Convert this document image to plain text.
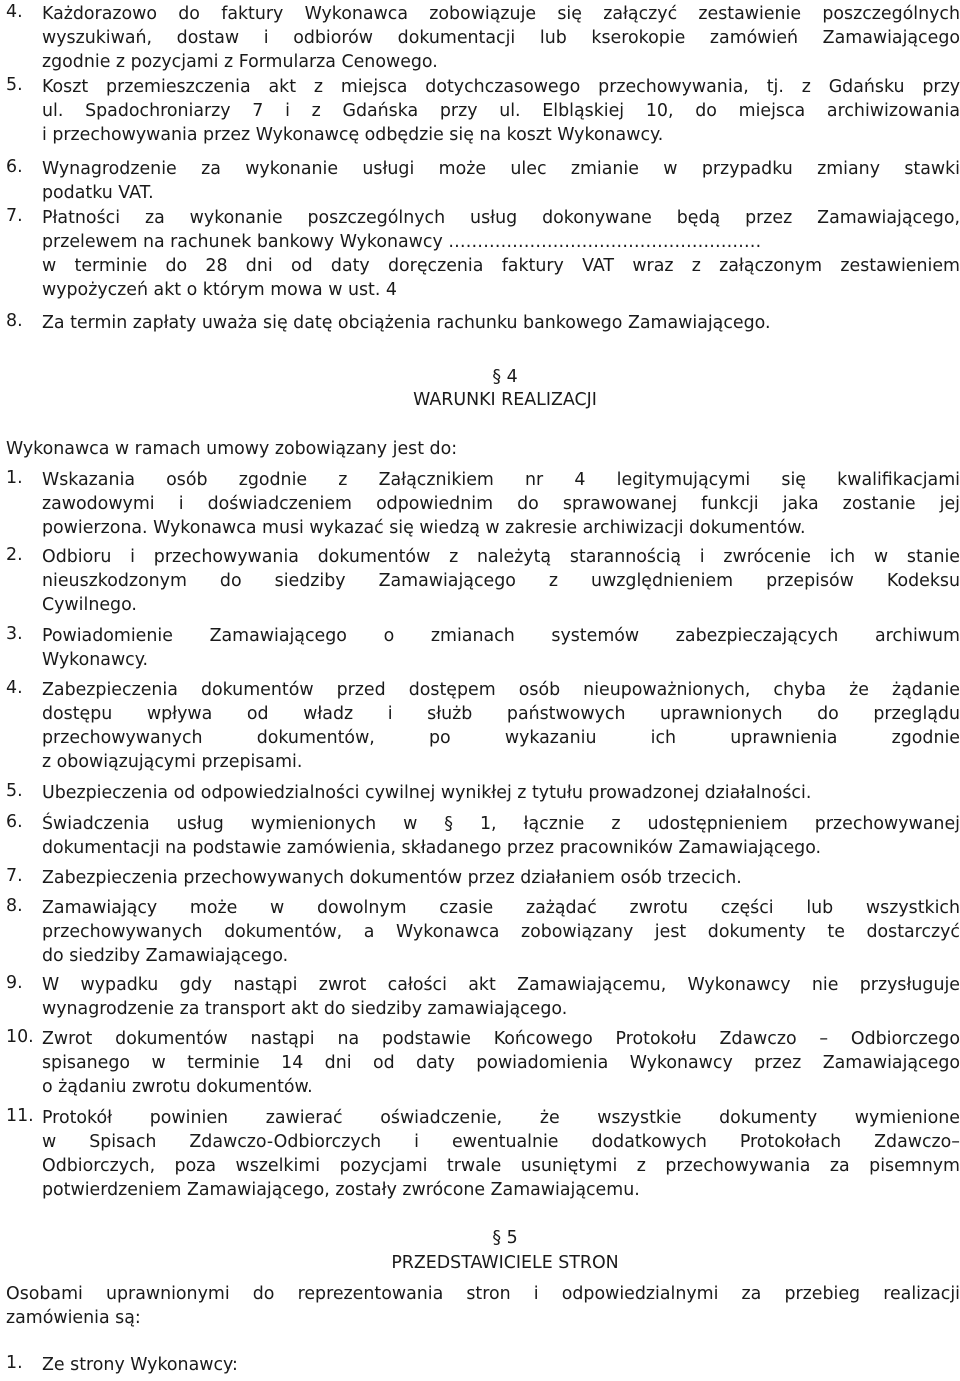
4. Każdorazowo do faktury Wykonawca zobowiązuje się załączyć zestawienie poszczególnych
wyszukiwań, dostaw i odbiorów dokumentacji lub kserokopie zamówień Zamawiającego
zgodnie z pozycjami z Formularza Cenowego.
5. Koszt przemieszczenia akt z miejsca dotychczasowego przechowywania, tj. z Gdańsku przy
ul. Spadochroniarzy 7 i z Gdańska przy ul. Elbląskiej 10, do miejsca archiwizowania
i przechowywania przez Wykonawcę odbędzie się na koszt Wykonawcy.
6. Wynagrodzenie za wykonanie usługi może ulec zmianie w przypadku zmiany stawki
podatku VAT.
7. Płatności za wykonanie poszczególnych usług dokonywane będą przez Zamawiającego,
przelewem na rachunek bankowy Wykonawcy ………………………………………………
w terminie do 28 dni od daty doręczenia faktury VAT wraz z załączonym zestawieniem
wypożyczeń akt o którym mowa w ust. 4
8. Za termin zapłaty uważa się datę obciążenia rachunku bankowego Zamawiającego.
§ 4
WARUNKI REALIZACJI
Wykonawca w ramach umowy zobowiązany jest do:
1. Wskazania osób zgodnie z Załącznikiem nr 4 legitymującymi się kwalifikacjami
zawodowymi i doświadczeniem odpowiednim do sprawowanej funkcji jaka zostanie jej
powierzona. Wykonawca musi wykazać się wiedzą w zakresie archiwizacji dokumentów.
2. Odbioru i przechowywania dokumentów z należytą starannością i zwrócenie ich w stanie
nieuszkodzonym do siedziby Zamawiającego z uwzględnieniem przepisów Kodeksu
Cywilnego.
3. Powiadomienie Zamawiającego o zmianach systemów zabezpieczających archiwum
Wykonawcy.
4. Zabezpieczenia dokumentów przed dostępem osób nieupoważnionych, chyba że żądanie
dostępu wpływa od władz i służb państwowych uprawnionych do przeglądu
przechowywanych dokumentów, po wykazaniu ich uprawnienia zgodnie
z obowiązującymi przepisami.
5. Ubezpieczenia od odpowiedzialności cywilnej wynikłej z tytułu prowadzonej działalności.
6. Świadczenia usług wymienionych w § 1, łącznie z udostępnieniem przechowywanej
dokumentacji na podstawie zamówienia, składanego przez pracowników Zamawiającego.
7. Zabezpieczenia przechowywanych dokumentów przez działaniem osób trzecich.
8. Zamawiający może w dowolnym czasie zażądać zwrotu części lub wszystkich
przechowywanych dokumentów, a Wykonawca zobowiązany jest dokumenty te dostarczyć
do siedziby Zamawiającego.
9. W wypadku gdy nastąpi zwrot całości akt Zamawiającemu, Wykonawcy nie przysługuje
wynagrodzenie za transport akt do siedziby zamawiającego.
10. Zwrot dokumentów nastąpi na podstawie Końcowego Protokołu Zdawczo – Odbiorczego
spisanego w terminie 14 dni od daty powiadomienia Wykonawcy przez Zamawiającego
o żądaniu zwrotu dokumentów.
11. Protokół powinien zawierać oświadczenie, że wszystkie dokumenty wymienione
w Spisach Zdawczo-Odbiorczych i ewentualnie dodatkowych Protokołach Zdawczo–
Odbiorczych, poza wszelkimi pozycjami trwale usuniętymi z przechowywania za pisemnym
potwierdzeniem Zamawiającego, zostały zwrócone Zamawiającemu.
§ 5
PRZEDSTAWICIELE STRON
Osobami uprawnionymi do reprezentowania stron i odpowiedzialnymi za przebieg realizacji
zamówienia są:
1. Ze strony Wykonawcy:
